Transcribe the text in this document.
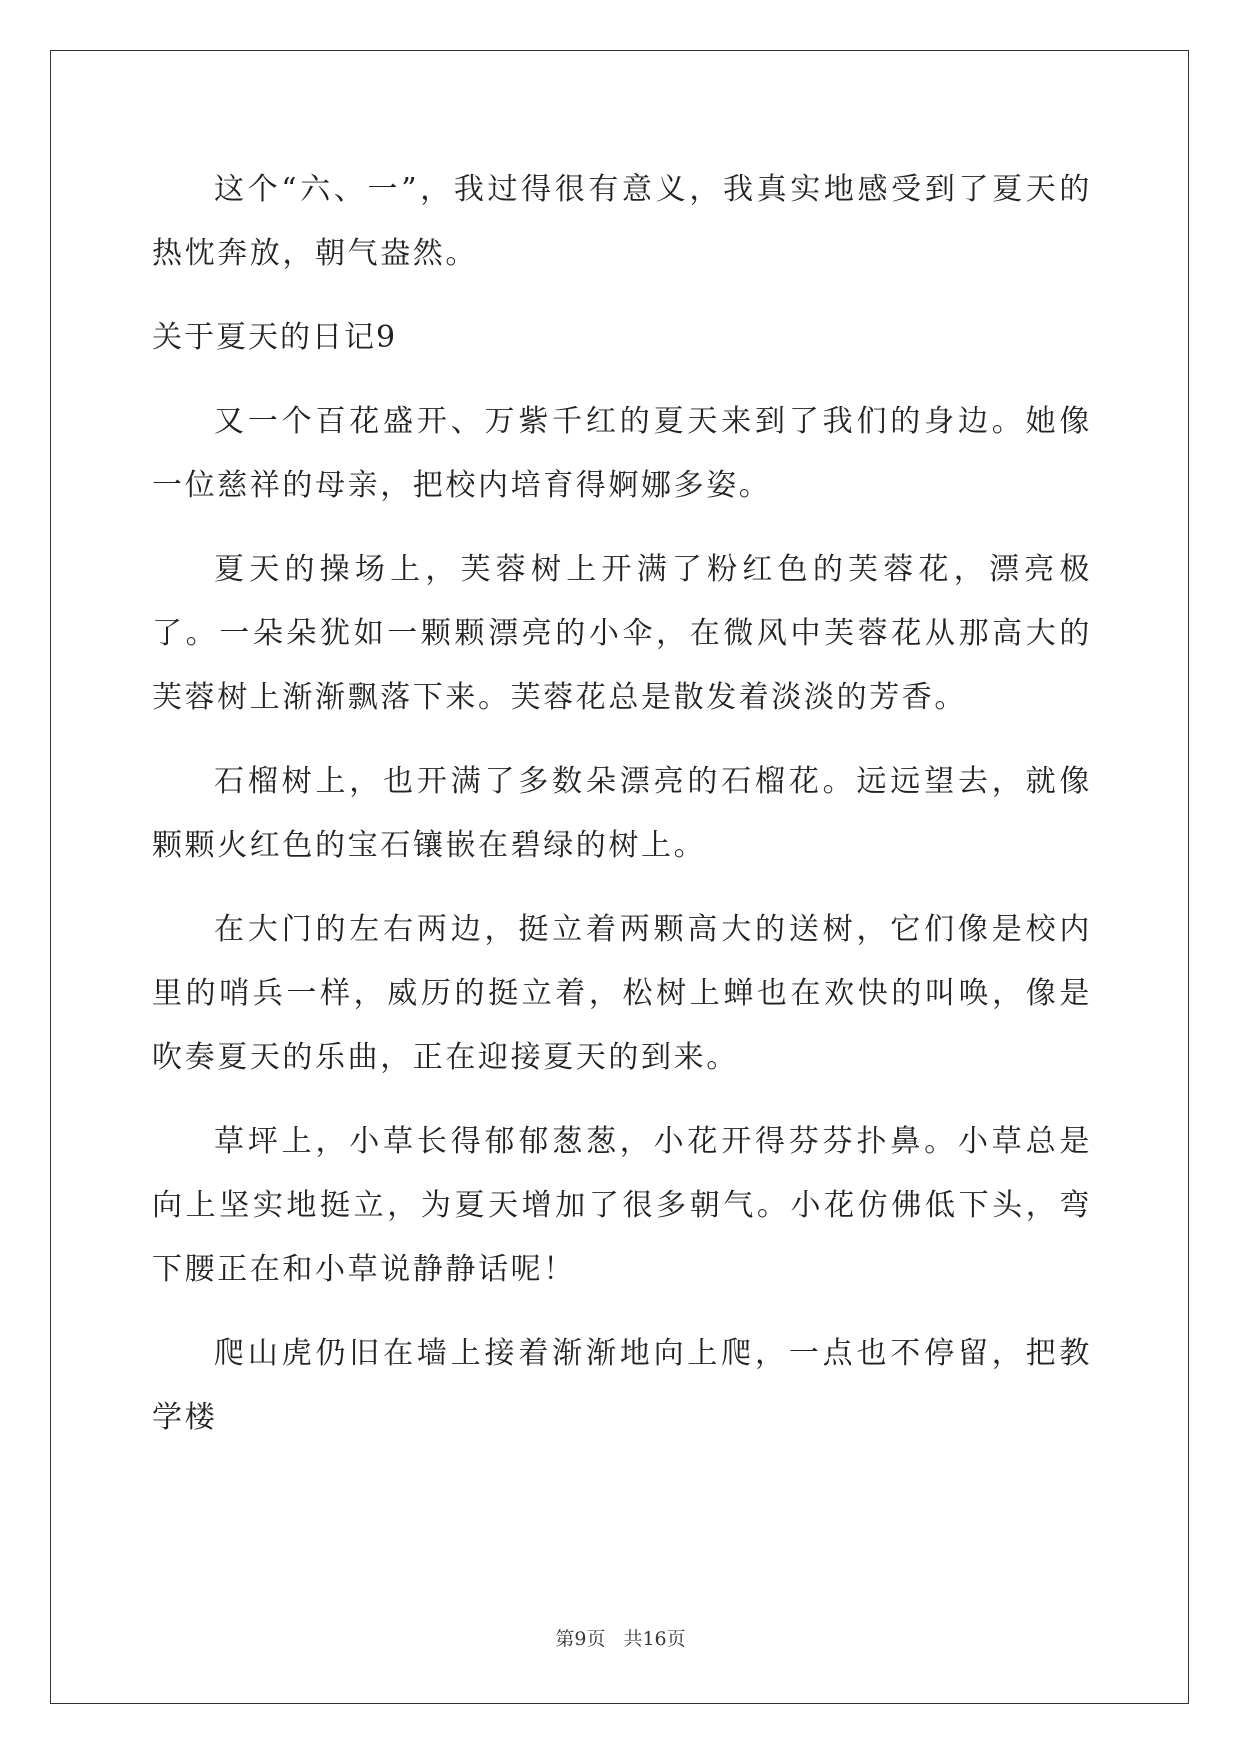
这个“六、一”，我过得很有意义，我真实地感受到了夏天的热忱奔放，朝气盎然。

关于夏天的日记9

又一个百花盛开、万紫千红的夏天来到了我们的身边。她像一位慈祥的母亲，把校内培育得婀娜多姿。

夏天的操场上，芙蓉树上开满了粉红色的芙蓉花，漂亮极了。一朵朵犹如一颗颗漂亮的小伞，在微风中芙蓉花从那高大的芙蓉树上渐渐飘落下来。芙蓉花总是散发着淡淡的芳香。

石榴树上，也开满了多数朵漂亮的石榴花。远远望去，就像颗颗火红色的宝石镶嵌在碧绿的树上。

在大门的左右两边，挺立着两颗高大的送树，它们像是校内里的哨兵一样，威历的挺立着，松树上蝉也在欢快的叫唤，像是吹奏夏天的乐曲，正在迎接夏天的到来。

草坪上，小草长得郁郁葱葱，小花开得芬芬扑鼻。小草总是向上坚实地挺立，为夏天增加了很多朝气。小花仿佛低下头，弯下腰正在和小草说静静话呢！

爬山虎仍旧在墙上接着渐渐地向上爬，一点也不停留，把教学楼

第9页 共16页
